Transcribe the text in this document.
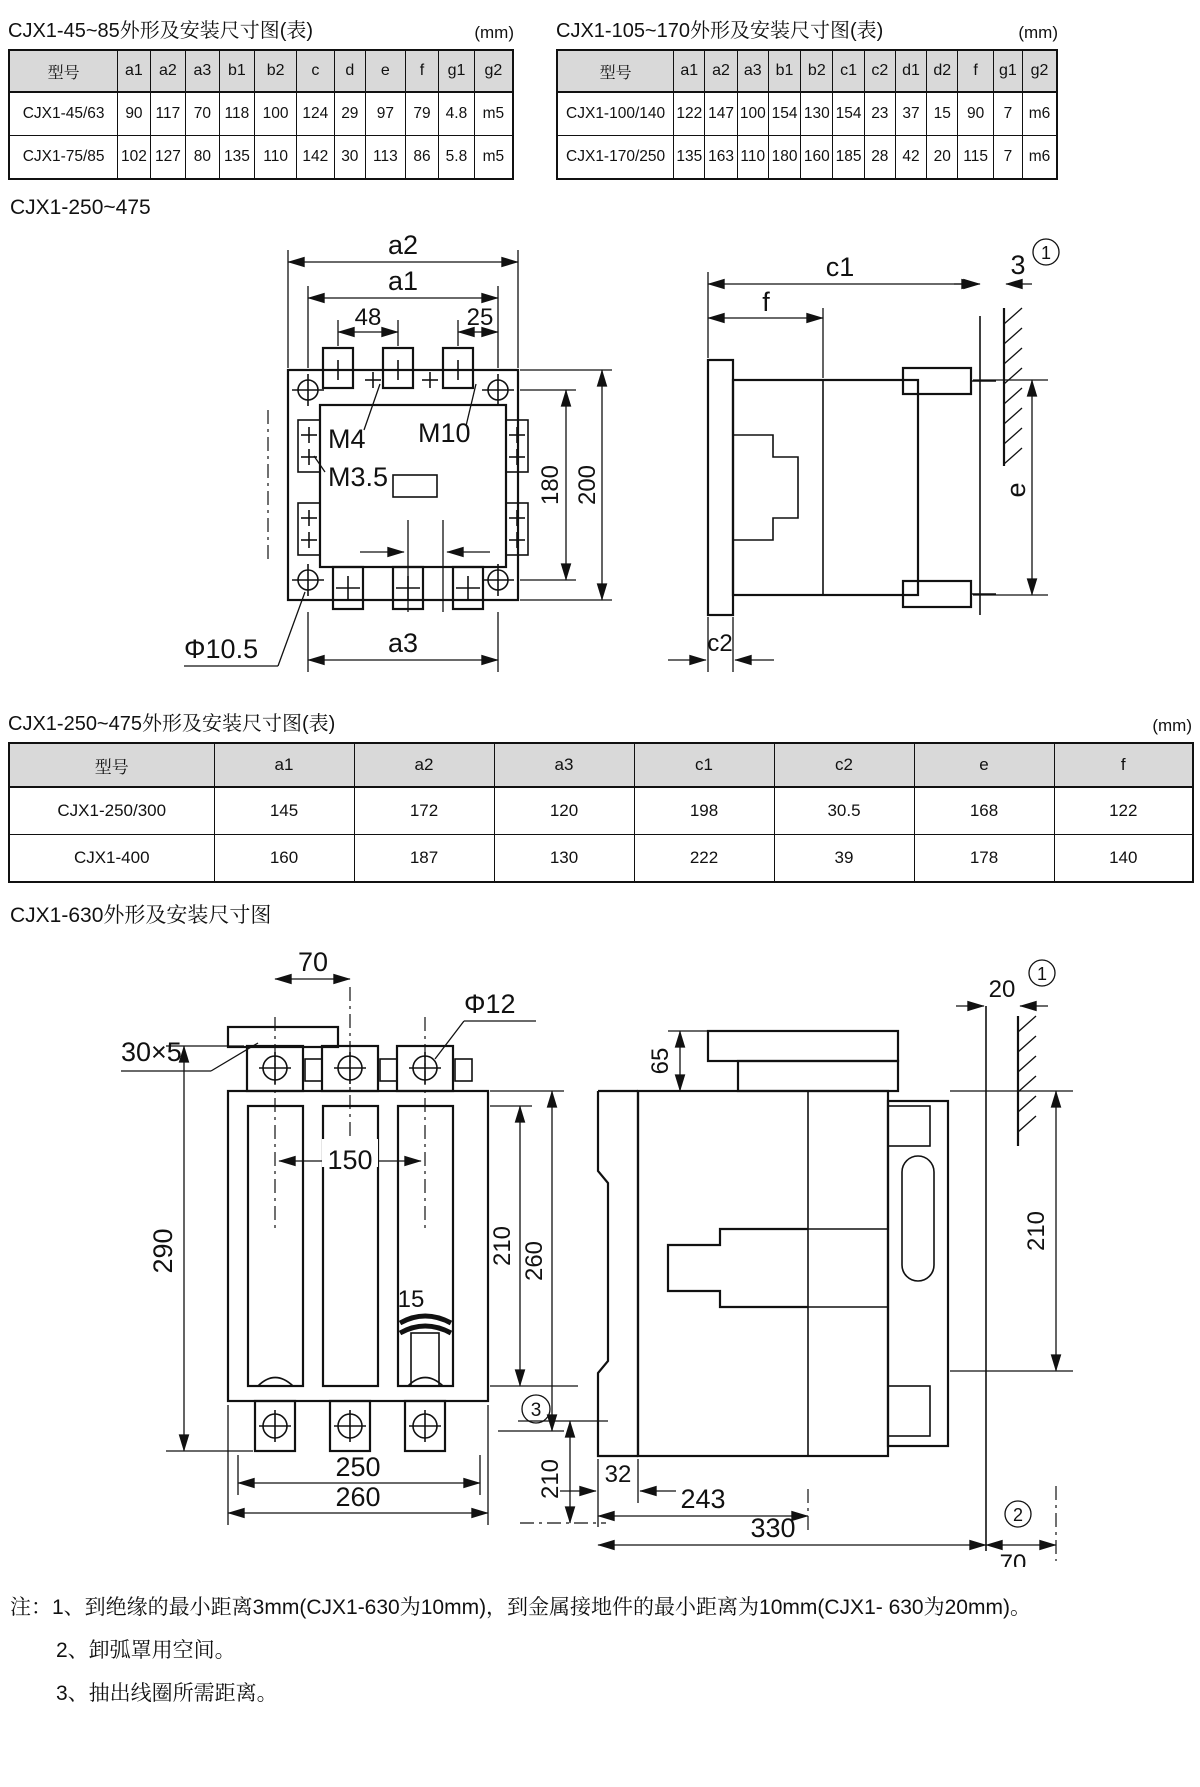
CJX1-45~85外形及安装尺寸图(表)	(mm)
型号	a1	a2	a3	b1	b2	c	d	e	f	g1	g2
CJX1-45/63	90	117	70	118	100	124	29	97	79	4.8	m5
CJX1-75/85	102	127	80	135	110	142	30	113	86	5.8	m5
CJX1-105~170外形及安装尺寸图(表)	(mm)
型号	a1	a2	a3	b1	b2	c1	c2	d1	d2	f	g1	g2
CJX1-100/140	122	147	100	154	130	154	23	37	15	90	7	m6
CJX1-170/250	135	163	110	180	160	185	28	42	20	115	7	m6
CJX1-250~475
M4 M10
M3.5
a2
a1
48	25
180 200
a3
Φ10.5
c1
f
3 1
e
c2
CJX1-250~475外形及安装尺寸图(表)	(mm)
型号	a1	a2	a3	c1	c2	e	f
CJX1-250/300	145	172	120	198	30.5	168	122
CJX1-400	160	187	130	222	39	178	140
CJX1-630外形及安装尺寸图
70
30×5
Φ12
290
150
15
210 260
250
260
3
210
65
20
1
210
32
243
330	2
70
注：1、到绝缘的最小距离3mm(CJX1-630为10mm)，到金属接地件的最小距离为10mm(CJX1- 630为20mm)。
2、卸弧罩用空间。
3、抽出线圈所需距离。
